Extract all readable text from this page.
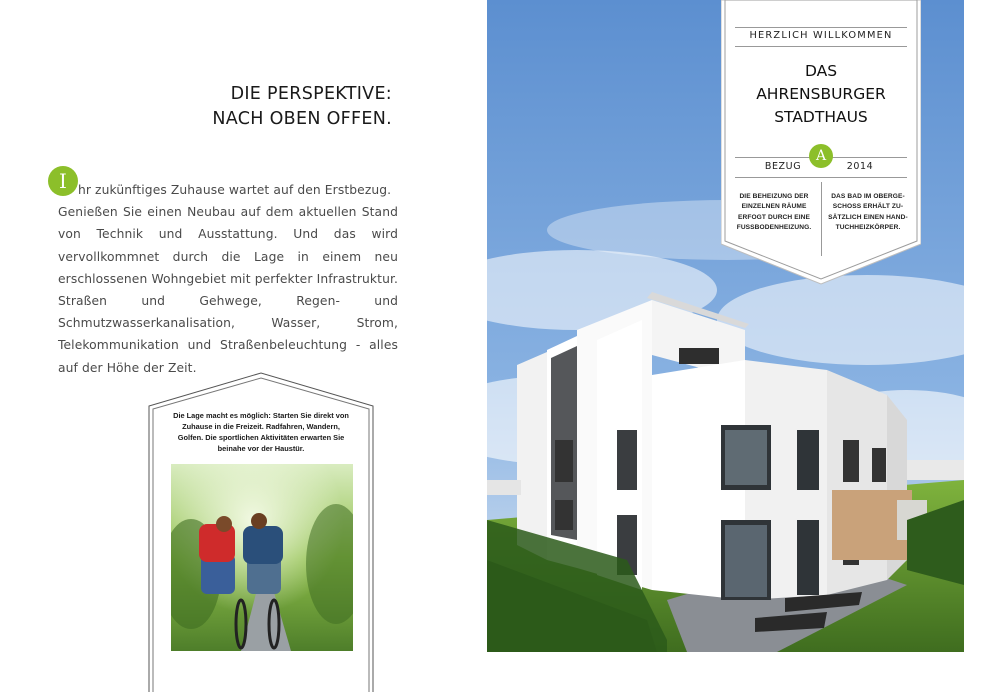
DIE PERSPEKTIVE:
NACH OBEN OFFEN.
I hr zukünftiges Zuhause wartet auf den Erstbezug.
Genießen Sie einen Neubau auf dem aktuellen Stand von Technik und Ausstattung. Und das wird vervollkommnet durch die Lage in einem neu erschlossenen Wohngebiet mit perfekter Infrastruktur. Straßen und Gehwege, Regen- und Schmutzwasserkanalisation, Wasser, Strom, Telekommunikation und Straßenbeleuchtung - alles auf der Höhe der Zeit.

Die Lage macht es möglich: Starten Sie direkt von Zuhause in die Freizeit. Radfahren, Wandern, Golfen. Die sportlichen Aktivitäten erwarten Sie beinahe vor der Haustür.

HERZLICH WILLKOMMEN
DAS
AHRENSBURGER
STADTHAUS
A
BEZUG	2014

DIE BEHEIZUNG DER EINZELNEN RÄUME ERFOGT DURCH EINE FUSSBODENHEIZUNG.

DAS BAD IM OBERGE-SCHOSS ERHÄLT ZU-SÄTZLICH EINEN HAND-TUCHHEIZKÖRPER.
